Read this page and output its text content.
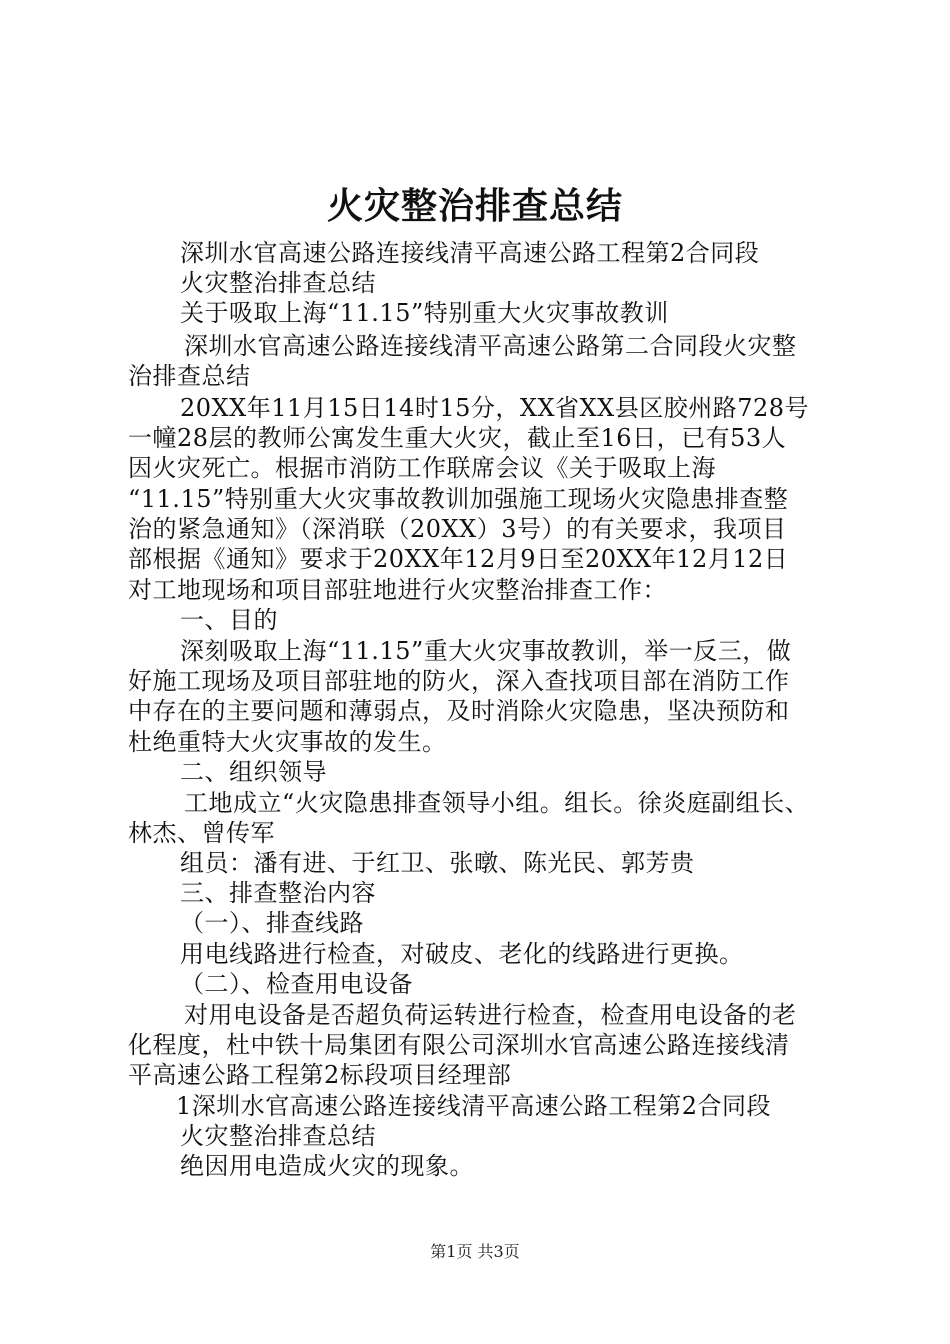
火灾整治排查总结
深圳水官高速公路连接线清平高速公路工程第2合同段
火灾整治排查总结
关于吸取上海“11.15”特别重大火灾事故教训
深圳水官高速公路连接线清平高速公路第二合同段火灾整
治排查总结
20XX年11月15日14时15分，XX省XX县区胶州路728号
一幢28层的教师公寓发生重大火灾，截止至16日，已有53人
因火灾死亡。根据市消防工作联席会议《关于吸取上海
“11.15”特别重大火灾事故教训加强施工现场火灾隐患排查整
治的紧急通知》（深消联（20XX）3号）的有关要求，我项目
部根据《通知》要求于20XX年12月9日至20XX年12月12日
对工地现场和项目部驻地进行火灾整治排查工作：
一、目的
深刻吸取上海“11.15”重大火灾事故教训，举一反三，做
好施工现场及项目部驻地的防火，深入查找项目部在消防工作
中存在的主要问题和薄弱点，及时消除火灾隐患，坚决预防和
杜绝重特大火灾事故的发生。
二、组织领导
工地成立“火灾隐患排查领导小组。组长。徐炎庭副组长、
林杰、曾传军
组员：潘有进、于红卫、张暾、陈光民、郭芳贵
三、排查整治内容
（一）、排查线路
用电线路进行检查，对破皮、老化的线路进行更换。
（二）、检查用电设备
对用电设备是否超负荷运转进行检查，检查用电设备的老
化程度，杜中铁十局集团有限公司深圳水官高速公路连接线清
平高速公路工程第2标段项目经理部
1深圳水官高速公路连接线清平高速公路工程第2合同段
火灾整治排查总结
绝因用电造成火灾的现象。
第1页 共3页
